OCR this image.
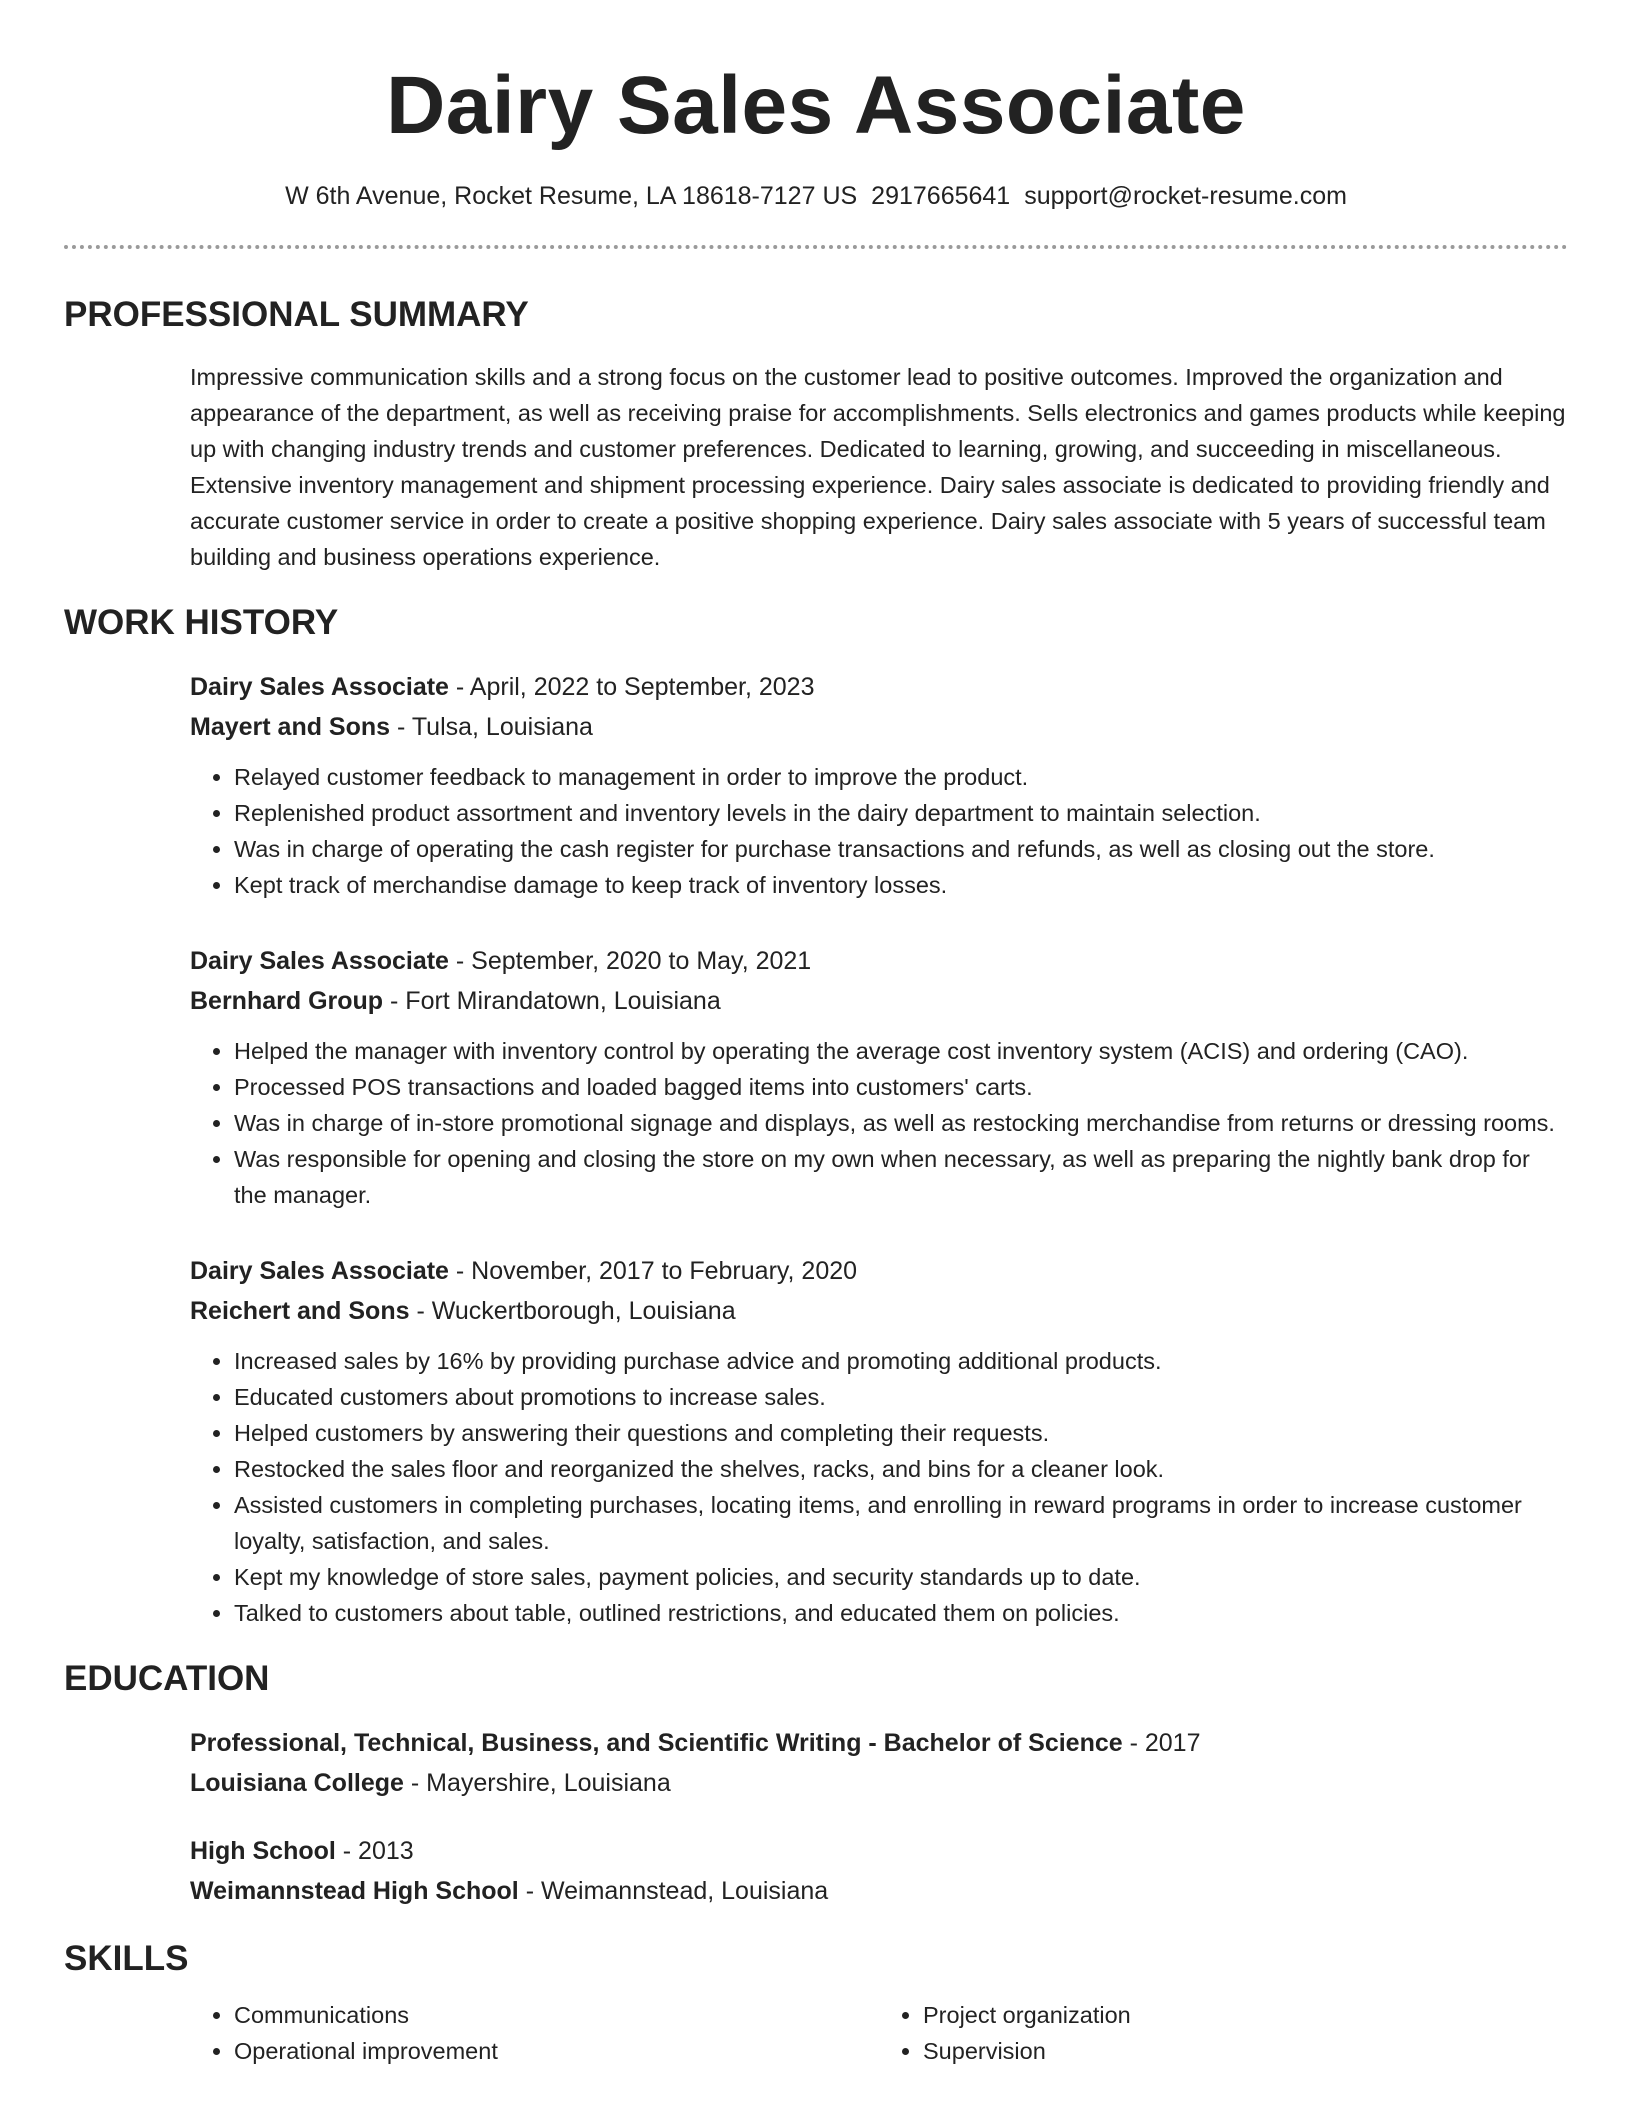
Dairy Sales Associate
W 6th Avenue, Rocket Resume, LA 18618-7127 US 2917665641 support@rocket-resume.com
PROFESSIONAL SUMMARY

Impressive communication skills and a strong focus on the customer lead to positive outcomes. Improved the organization and appearance of the department, as well as receiving praise for accomplishments. Sells electronics and games products while keeping up with changing industry trends and customer preferences. Dedicated to learning, growing, and succeeding in miscellaneous. Extensive inventory management and shipment processing experience. Dairy sales associate is dedicated to providing friendly and accurate customer service in order to create a positive shopping experience. Dairy sales associate with 5 years of successful team building and business operations experience.

WORK HISTORY
Dairy Sales Associate - April, 2022 to September, 2023
Mayert and Sons - Tulsa, Louisiana
• Relayed customer feedback to management in order to improve the product.
• Replenished product assortment and inventory levels in the dairy department to maintain selection.
• Was in charge of operating the cash register for purchase transactions and refunds, as well as closing out the store.
• Kept track of merchandise damage to keep track of inventory losses.
Dairy Sales Associate - September, 2020 to May, 2021
Bernhard Group - Fort Mirandatown, Louisiana
• Helped the manager with inventory control by operating the average cost inventory system (ACIS) and ordering (CAO).
• Processed POS transactions and loaded bagged items into customers' carts.
• Was in charge of in-store promotional signage and displays, as well as restocking merchandise from returns or dressing rooms.
• Was responsible for opening and closing the store on my own when necessary, as well as preparing the nightly bank drop for the manager.
Dairy Sales Associate - November, 2017 to February, 2020
Reichert and Sons - Wuckertborough, Louisiana
• Increased sales by 16% by providing purchase advice and promoting additional products.
• Educated customers about promotions to increase sales.
• Helped customers by answering their questions and completing their requests.
• Restocked the sales floor and reorganized the shelves, racks, and bins for a cleaner look.
• Assisted customers in completing purchases, locating items, and enrolling in reward programs in order to increase customer loyalty, satisfaction, and sales.
• Kept my knowledge of store sales, payment policies, and security standards up to date.
• Talked to customers about table, outlined restrictions, and educated them on policies.
EDUCATION
Professional, Technical, Business, and Scientific Writing - Bachelor of Science - 2017
Louisiana College - Mayershire, Louisiana
High School - 2013
Weimannstead High School - Weimannstead, Louisiana
SKILLS
• Communications
• Operational improvement
• Project organization
• Supervision
